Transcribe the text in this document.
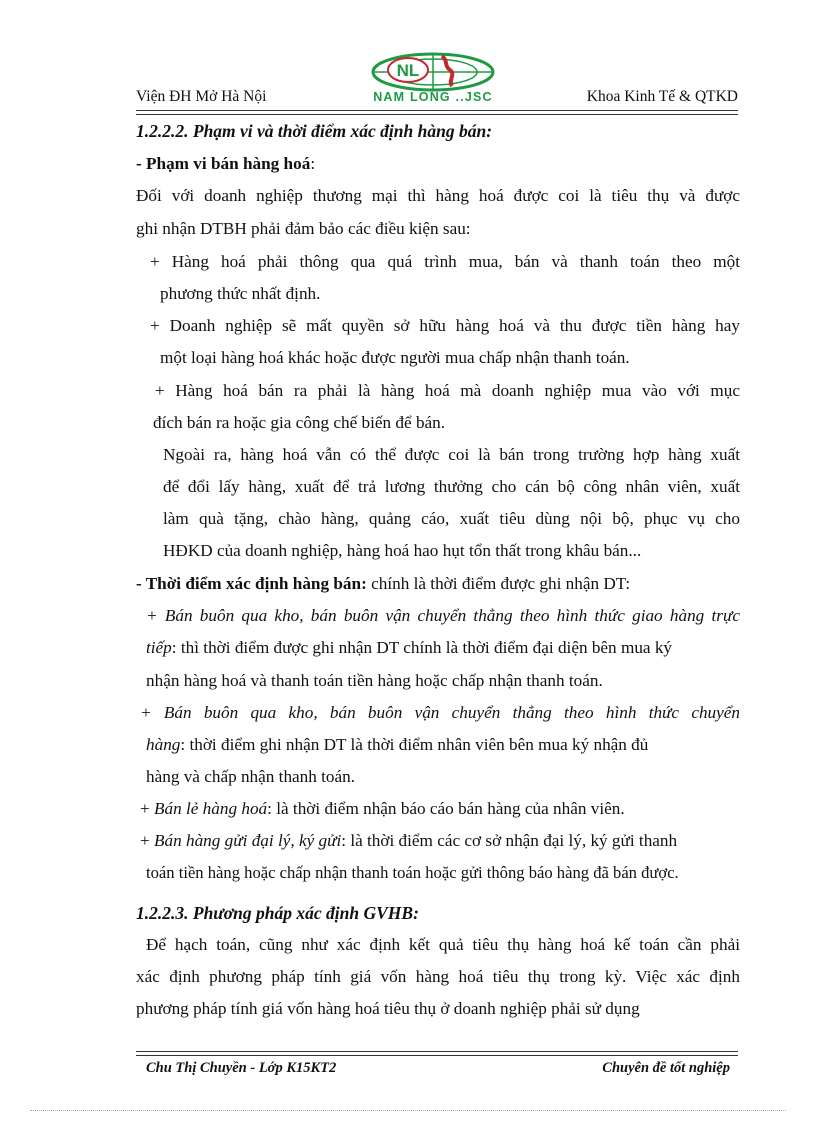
NL
NAM LONG ..JSC
Viện ĐH Mở Hà Nội	Khoa Kinh Tế & QTKD
1.2.2.2. Phạm vi và thời điểm xác định hàng bán:
- Phạm vi bán hàng hoá:
Đối với doanh nghiệp thương mại thì hàng hoá được coi là tiêu thụ và được
ghi nhận DTBH phải đảm bảo các điều kiện sau:
+ Hàng hoá phải thông qua quá trình mua, bán và thanh toán theo một
phương thức nhất định.
+ Doanh nghiệp sẽ mất quyền sở hữu hàng hoá và thu được tiền hàng hay
một loại hàng hoá khác hoặc được người mua chấp nhận thanh toán.
+ Hàng hoá bán ra phải là hàng hoá mà doanh nghiệp mua vào với mục
đích bán ra hoặc gia công chế biến để bán.
Ngoài ra, hàng hoá vẫn có thể được coi là bán trong trường hợp hàng xuất
để đổi lấy hàng, xuất để trả lương thưởng cho cán bộ công nhân viên, xuất
làm quà tặng, chào hàng, quảng cáo, xuất tiêu dùng nội bộ, phục vụ cho
HĐKD của doanh nghiệp, hàng hoá hao hụt tổn thất trong khâu bán...
- Thời điểm xác định hàng bán: chính là thời điểm được ghi nhận DT:
+ Bán buôn qua kho, bán buôn vận chuyển thẳng theo hình thức giao hàng trực
tiếp: thì thời điểm được ghi nhận DT chính là thời điểm đại diện bên mua ký
nhận hàng hoá và thanh toán tiền hàng hoặc chấp nhận thanh toán.
+ Bán buôn qua kho, bán buôn vận chuyển thẳng theo hình thức chuyển
hàng: thời điểm ghi nhận DT là thời điểm nhân viên bên mua ký nhận đủ
hàng và chấp nhận thanh toán.
+ Bán lẻ hàng hoá: là thời điểm nhận báo cáo bán hàng của nhân viên.
+ Bán hàng gửi đại lý, ký gửi: là thời điểm các cơ sở nhận đại lý, ký gửi thanh
toán tiền hàng hoặc chấp nhận thanh toán hoặc gửi thông báo hàng đã bán được.
1.2.2.3. Phương pháp xác định GVHB:
Để hạch toán, cũng như xác định kết quả tiêu thụ hàng hoá kế toán cần phải
xác định phương pháp tính giá vốn hàng hoá tiêu thụ trong kỳ. Việc xác định
phương pháp tính giá vốn hàng hoá tiêu thụ ở doanh nghiệp phải sử dụng
Chu Thị Chuyền - Lớp K15KT2	Chuyên đề tốt nghiệp
